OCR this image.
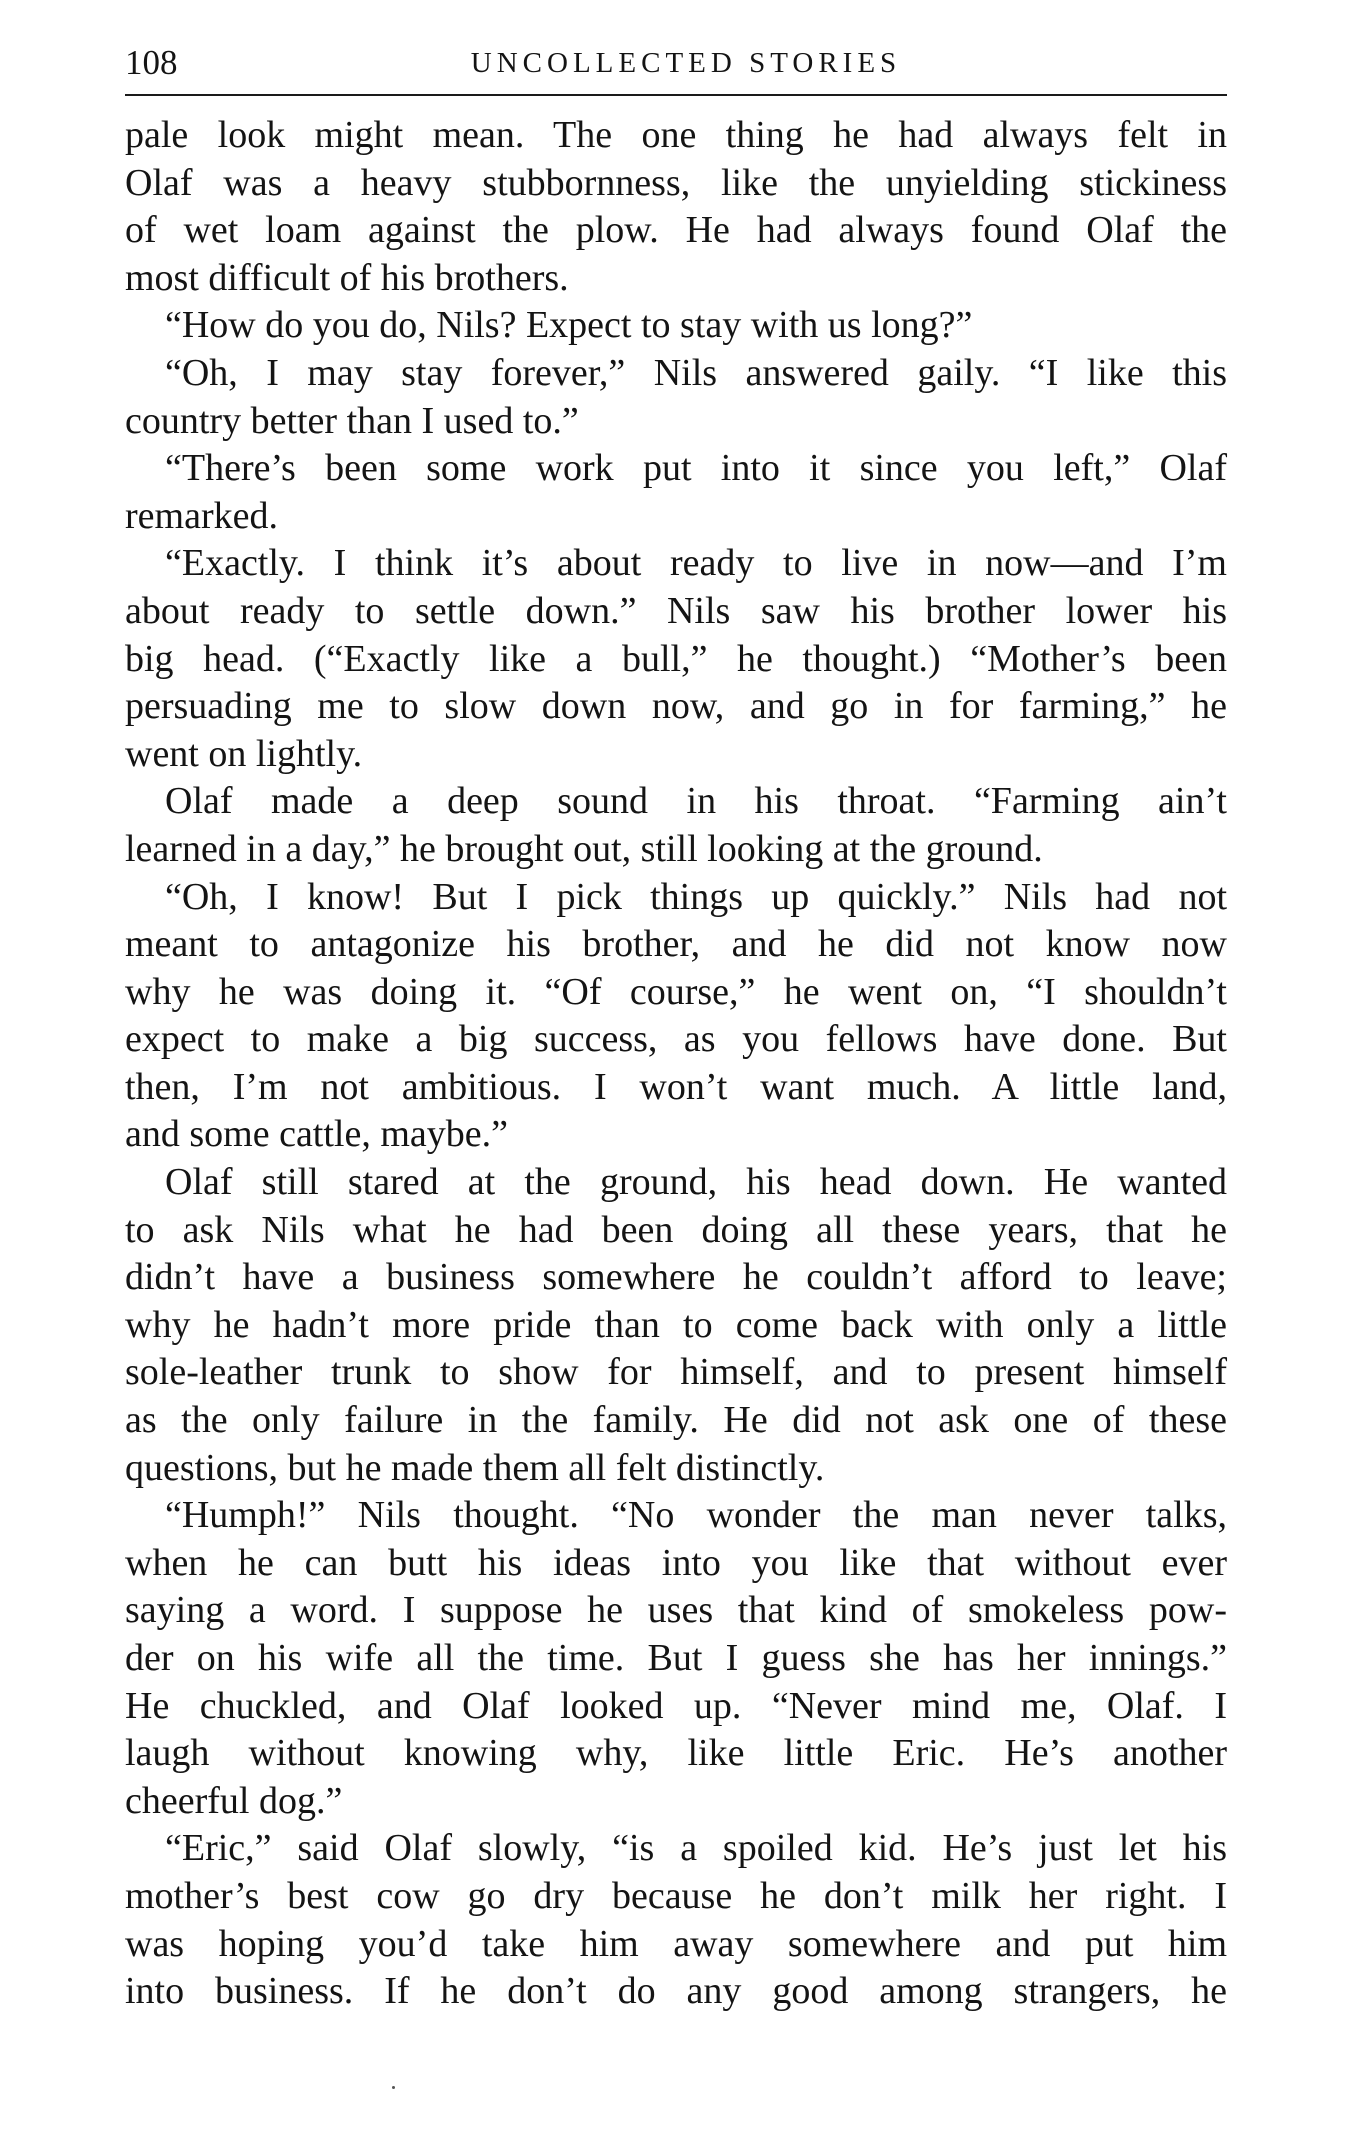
108	UNCOLLECTED STORIES
pale look might mean. The one thing he had always felt in
Olaf was a heavy stubbornness, like the unyielding stickiness
of wet loam against the plow. He had always found Olaf the
most difficult of his brothers.
“How do you do, Nils? Expect to stay with us long?”
“Oh, I may stay forever,” Nils answered gaily. “I like this
country better than I used to.”
“There’s been some work put into it since you left,” Olaf
remarked.
“Exactly. I think it’s about ready to live in now—and I’m
about ready to settle down.” Nils saw his brother lower his
big head. (“Exactly like a bull,” he thought.) “Mother’s been
persuading me to slow down now, and go in for farming,” he
went on lightly.
Olaf made a deep sound in his throat. “Farming ain’t
learned in a day,” he brought out, still looking at the ground.
“Oh, I know! But I pick things up quickly.” Nils had not
meant to antagonize his brother, and he did not know now
why he was doing it. “Of course,” he went on, “I shouldn’t
expect to make a big success, as you fellows have done. But
then, I’m not ambitious. I won’t want much. A little land,
and some cattle, maybe.”
Olaf still stared at the ground, his head down. He wanted
to ask Nils what he had been doing all these years, that he
didn’t have a business somewhere he couldn’t afford to leave;
why he hadn’t more pride than to come back with only a little
sole-leather trunk to show for himself, and to present himself
as the only failure in the family. He did not ask one of these
questions, but he made them all felt distinctly.
“Humph!” Nils thought. “No wonder the man never talks,
when he can butt his ideas into you like that without ever
saying a word. I suppose he uses that kind of smokeless pow-
der on his wife all the time. But I guess she has her innings.”
He chuckled, and Olaf looked up. “Never mind me, Olaf. I
laugh without knowing why, like little Eric. He’s another
cheerful dog.”
“Eric,” said Olaf slowly, “is a spoiled kid. He’s just let his
mother’s best cow go dry because he don’t milk her right. I
was hoping you’d take him away somewhere and put him
into business. If he don’t do any good among strangers, he
